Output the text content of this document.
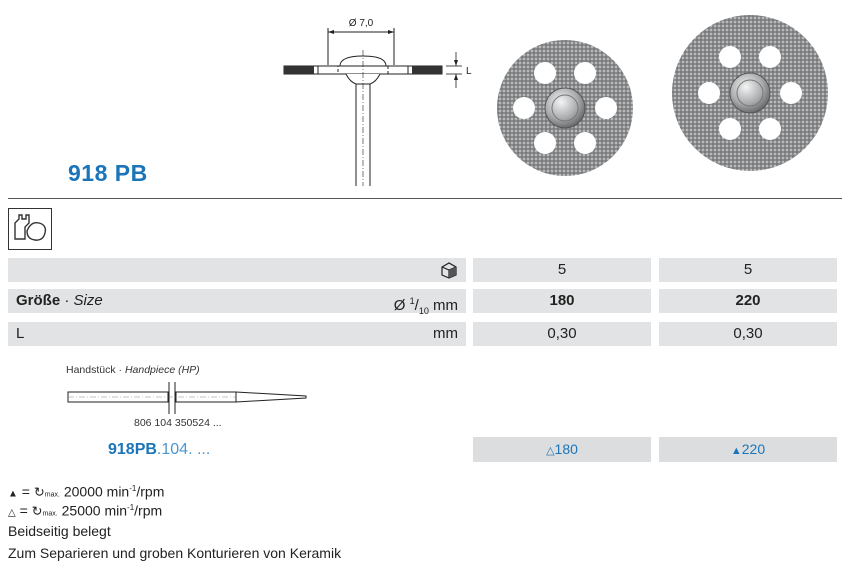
Ø 7,0
L
918 PB
5	5
Größe · Size	Ø $^1/_{10}$ mm	180	220
L	mm	0,30	0,30
Handstück · Handpiece (HP)
806 104 350524 ...
918PB.104. ...	△180	▲220
▲ = ↻max. 20000 $\min^{-1}$/rpm
△ = ↻max. 25000 $\min^{-1}$/rpm
Beidseitig belegt
Zum Separieren und groben Konturieren von Keramik
